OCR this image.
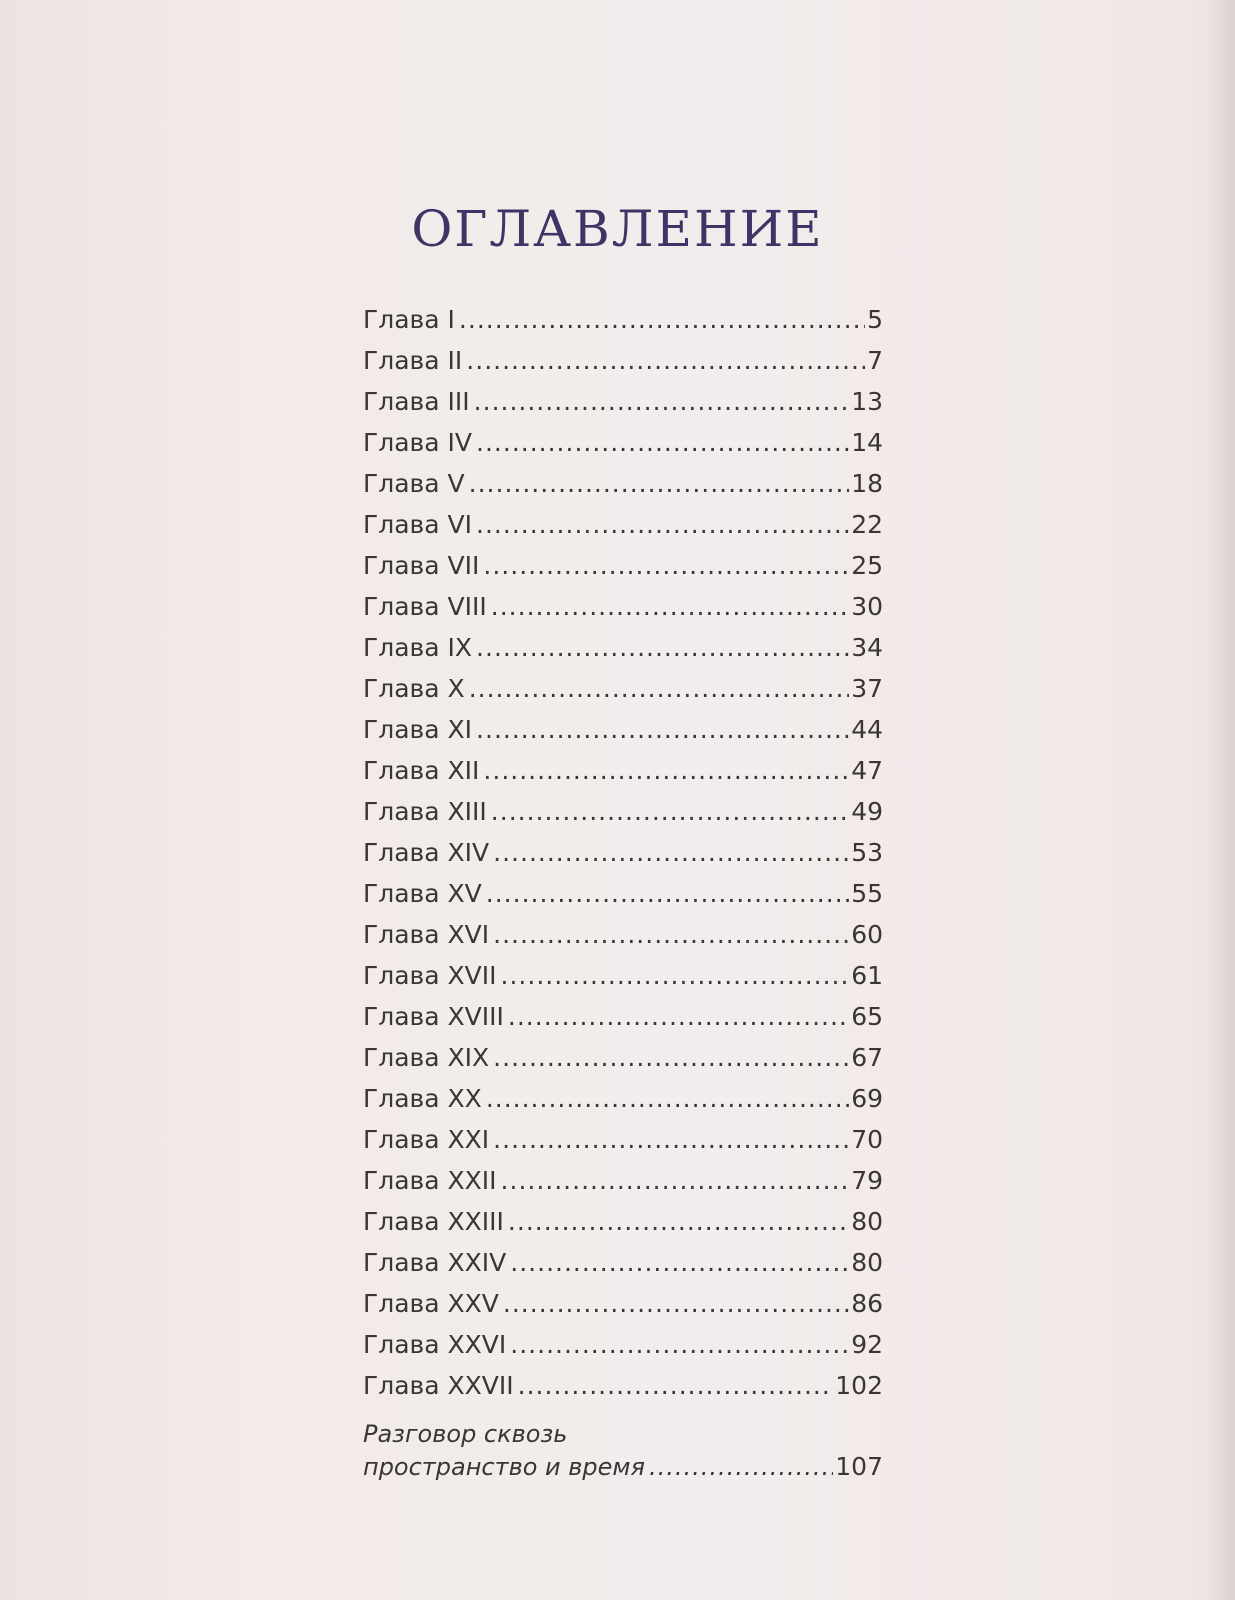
ОГЛАВЛЕНИЕ
Глава I .....	5
Глава II .....	7
Глава III .....	13
Глава IV .....	14
Глава V .....	18
Глава VI .....	22
Глава VII .....	25
Глава VIII .....	30
Глава IX .....	34
Глава X .....	37
Глава XI .....	44
Глава XII .....	47
Глава XIII .....	49
Глава XIV .....	53
Глава XV .....	55
Глава XVI .....	60
Глава XVII .....	61
Глава XVIII .....	65
Глава XIX .....	67
Глава XX .....	69
Глава XXI .....	70
Глава XXII .....	79
Глава XXIII .....	80
Глава XXIV .....	80
Глава XXV .....	86
Глава XXVI .....	92
Глава XXVII .....	102
Разговор сквозь
пространство и время .....	107
